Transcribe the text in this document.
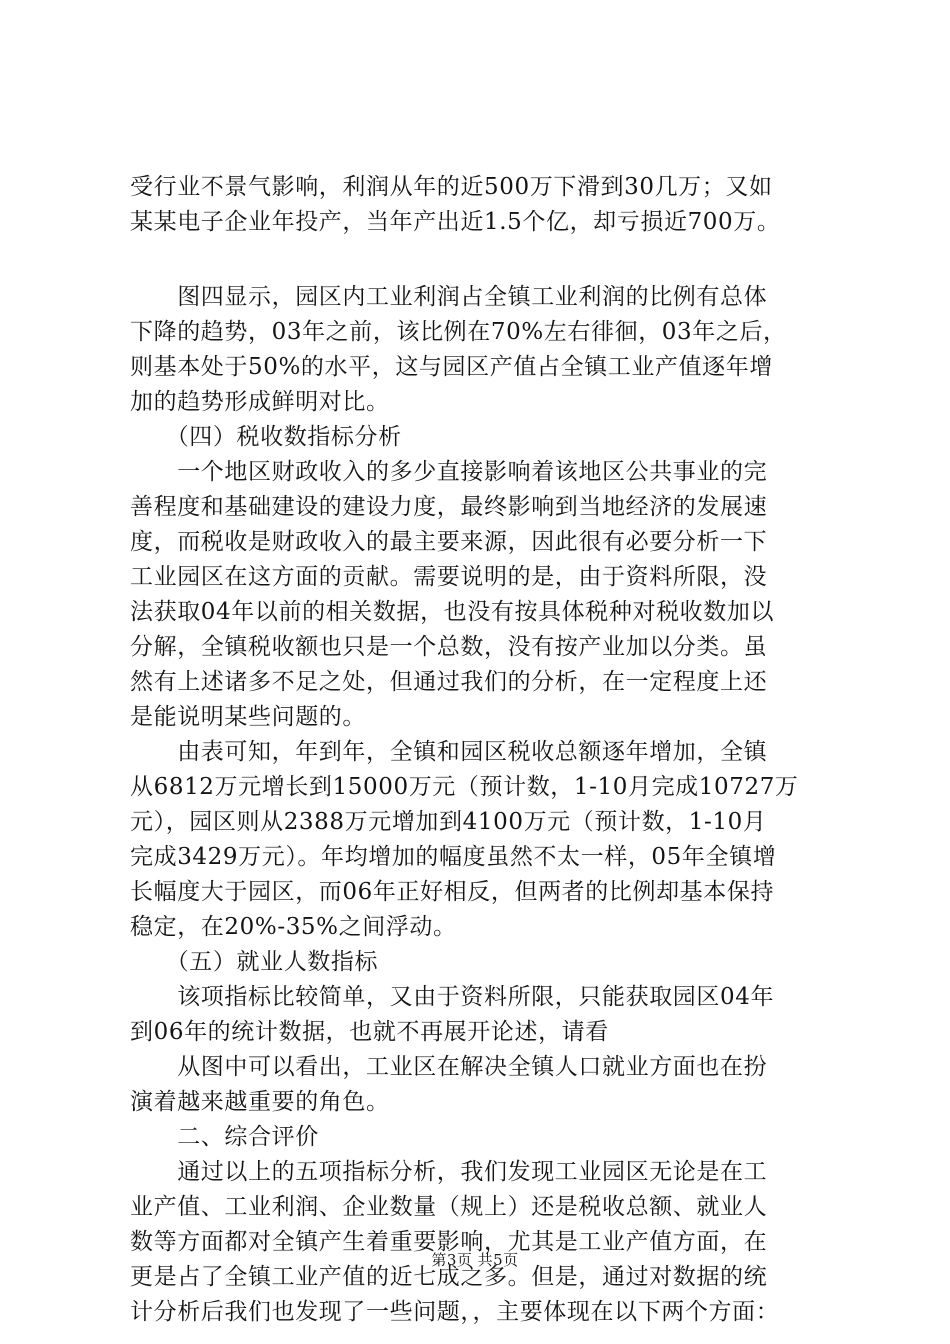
受行业不景气影响，利润从年的近500万下滑到30几万；又如
某某电子企业年投产，当年产出近1.5个亿，却亏损近700万。
　　图四显示，园区内工业利润占全镇工业利润的比例有总体
下降的趋势，03年之前，该比例在70%左右徘徊，03年之后，
则基本处于50%的水平，这与园区产值占全镇工业产值逐年增
加的趋势形成鲜明对比。
　　（四）税收数指标分析
　　一个地区财政收入的多少直接影响着该地区公共事业的完
善程度和基础建设的建设力度，最终影响到当地经济的发展速
度，而税收是财政收入的最主要来源，因此很有必要分析一下
工业园区在这方面的贡献。需要说明的是，由于资料所限，没
法获取04年以前的相关数据，也没有按具体税种对税收数加以
分解，全镇税收额也只是一个总数，没有按产业加以分类。虽
然有上述诸多不足之处，但通过我们的分析，在一定程度上还
是能说明某些问题的。
　　由表可知，年到年，全镇和园区税收总额逐年增加，全镇
从6812万元增长到15000万元（预计数，1-10月完成10727万
元），园区则从2388万元增加到4100万元（预计数，1-10月
完成3429万元）。年均增加的幅度虽然不太一样，05年全镇增
长幅度大于园区，而06年正好相反，但两者的比例却基本保持
稳定，在20%-35%之间浮动。
　　（五）就业人数指标
　　该项指标比较简单，又由于资料所限，只能获取园区04年
到06年的统计数据，也就不再展开论述，请看
　　从图中可以看出，工业区在解决全镇人口就业方面也在扮
演着越来越重要的角色。
　　二、综合评价
　　通过以上的五项指标分析，我们发现工业园区无论是在工
业产值、工业利润、企业数量（规上）还是税收总额、就业人
数等方面都对全镇产生着重要影响，尤其是工业产值方面，在
更是占了全镇工业产值的近七成之多。但是，通过对数据的统
计分析后我们也发现了一些问题，，主要体现在以下两个方面：
第3页 共5页
